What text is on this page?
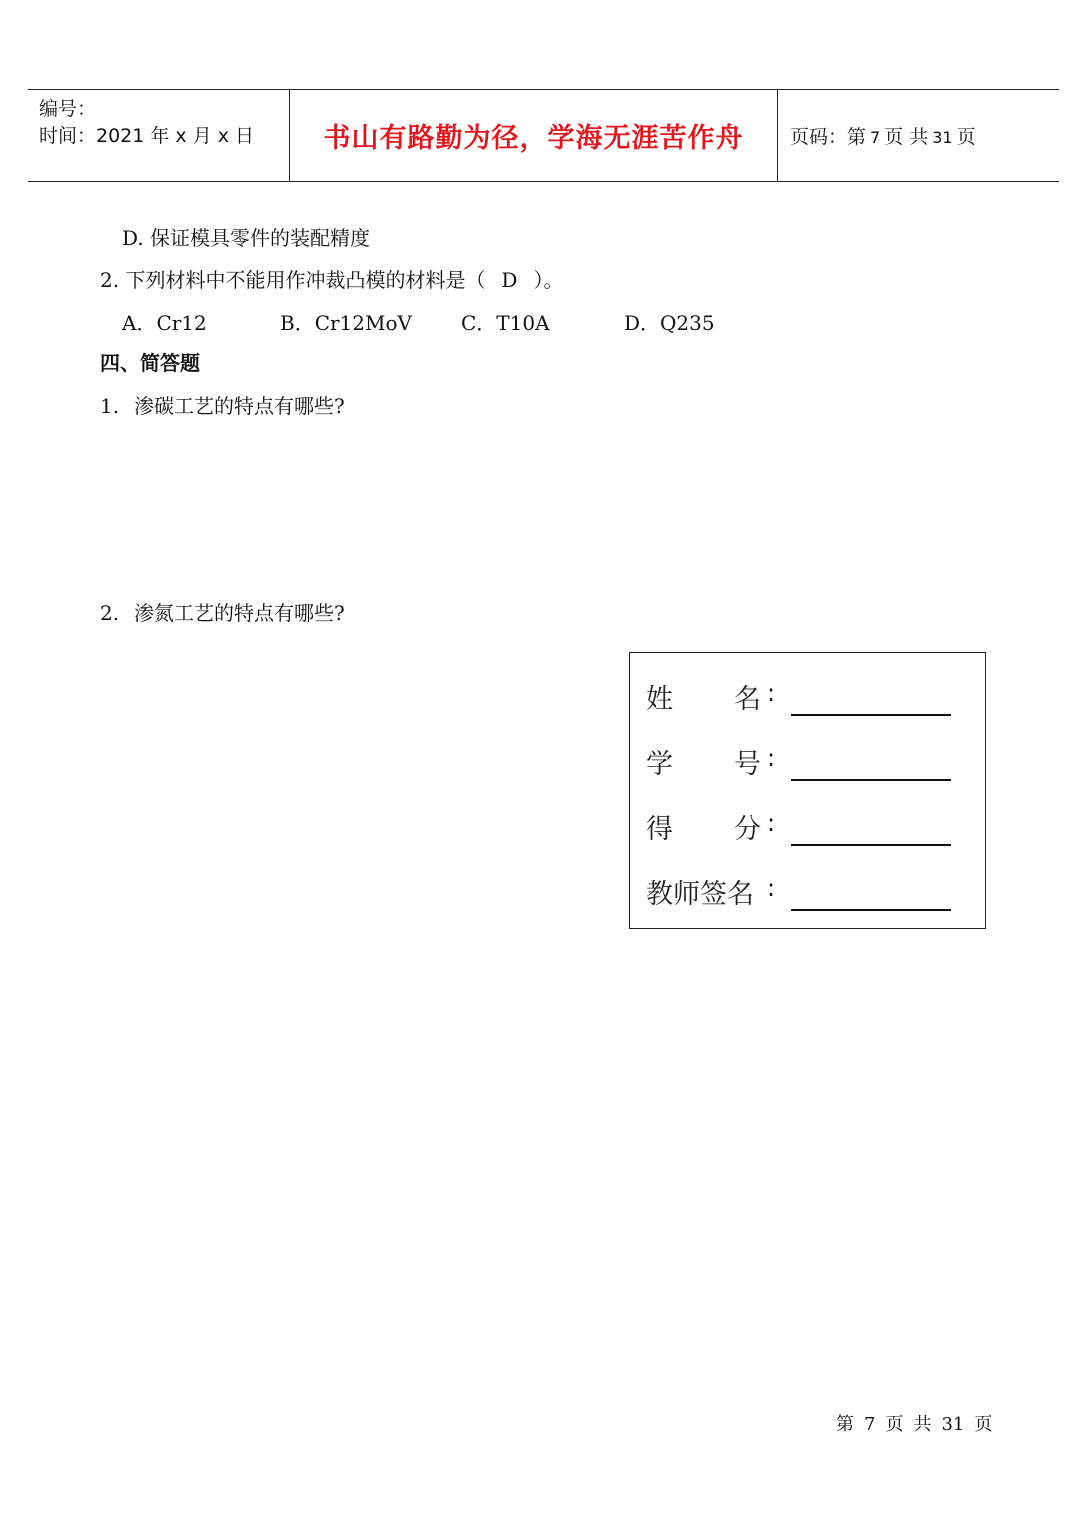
编号：
时间：2021 年 x 月 x 日	书山有路勤为径，学海无涯苦作舟 页码：第 7 页 共 31 页
D. 保证模具零件的装配精度
2. 下列材料中不能用作冲裁凸模的材料是（ D ）。
A．Cr12	B．Cr12MoV C．T10A	D．Q235
四、简答题
1. 渗碳工艺的特点有哪些?
2. 渗氮工艺的特点有哪些?
姓 名 :
学 号 :
得 分 :
教师签名 :
第 7 页 共 31 页
